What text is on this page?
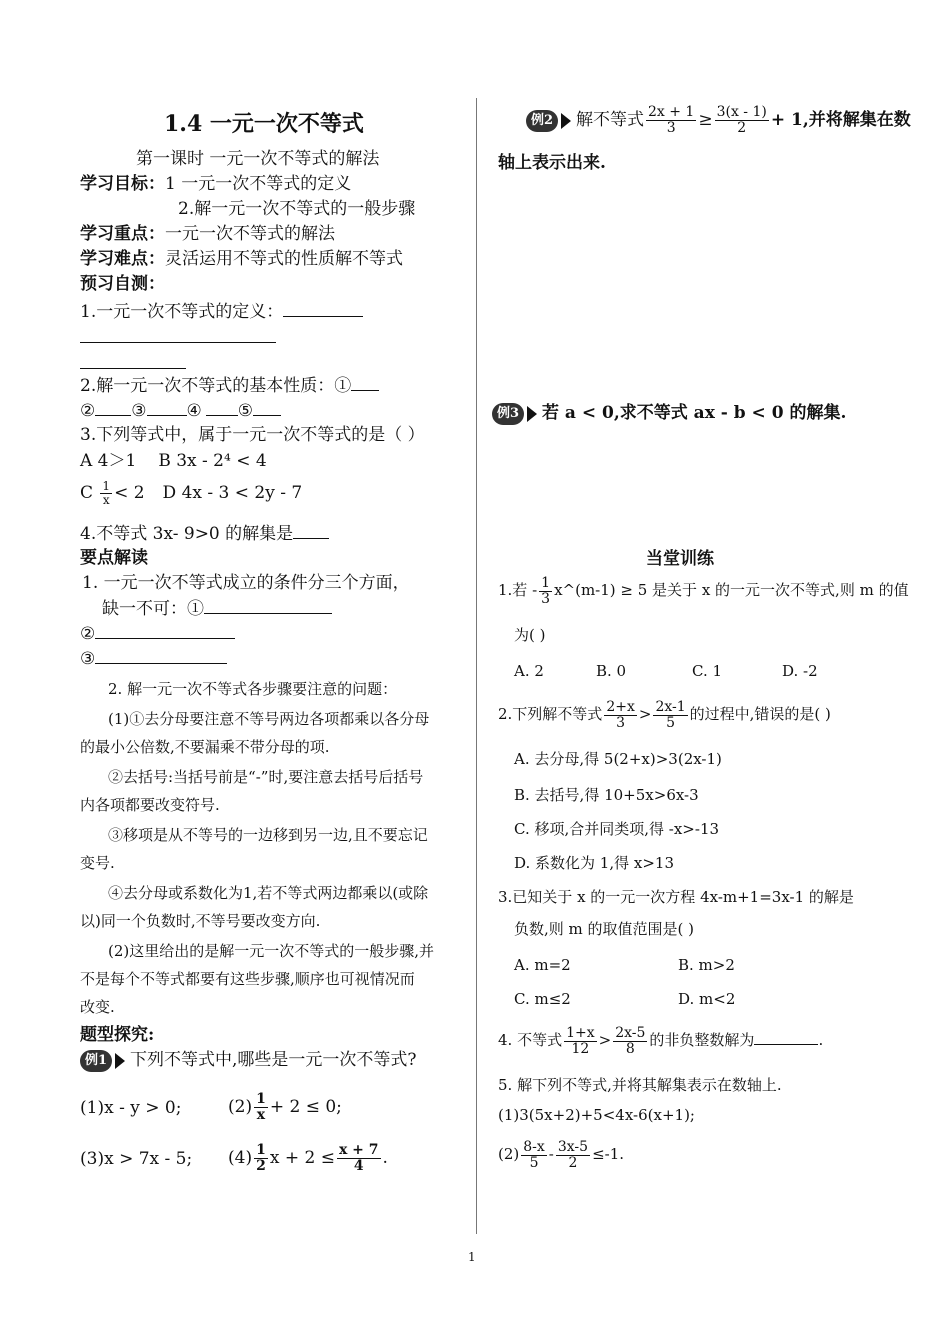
1.4 一元一次不等式
第一课时 一元一次不等式的解法
学习目标：1 一元一次不等式的定义
2.解一元一次不等式的一般步骤
学习重点：一元一次不等式的解法
学习难点：灵活运用不等式的性质解不等式
预习自测：
1.一元一次不等式的定义：
2.解一元一次不等式的基本性质：①
② ③ ④ ⑤
3.下列等式中，属于一元一次不等式的是（ ）
A 4＞1 B 3x - 2⁴ < 4
C $\frac{1}{x} < 2$ D 4x - 3 < 2y - 7
4.不等式 3x- 9>0 的解集是
要点解读
1. 一元一次不等式成立的条件分三个方面，
缺一不可：①
②
③
2. 解一元一次不等式各步骤要注意的问题：
(1)①去分母要注意不等号两边各项都乘以各分母
的最小公倍数,不要漏乘不带分母的项.
②去括号:当括号前是“-”时,要注意去括号后括号
内各项都要改变符号.
③移项是从不等号的一边移到另一边,且不要忘记
变号.
④去分母或系数化为1,若不等式两边都乘以(或除
以)同一个负数时,不等号要改变方向.
(2)这里给出的是解一元一次不等式的一般步骤,并
不是每个不等式都要有这些步骤,顺序也可视情况而
改变.
题型探究:
例1 下列不等式中,哪些是一元一次不等式?
(1)x - y > 0;	$(2) \frac{1}{x} + 2 \le 0$;
(3)x > 7x - 5; $(4) \frac{1}{2}$ $x + 2 \le \frac{x + 7}{4}$ .
例2 解不等式 $\frac{2x + 1}{3} \ge \frac{3(x - 1)}{2} + 1$,并将解集在数
轴上表示出来.
例3 若 a < 0,求不等式 ax - b < 0 的解集.
当堂训练
1.若 - $\frac{1}{3}$ x^(m-1) ≥ 5 是关于 x 的一元一次不等式,则 m 的值
为( )
A. 2	B. 0	C. 1	D. -2
2.下列解不等式 $\frac{2+x}{3} > \frac{2x-1}{5}$ 的过程中,错误的是( )
A. 去分母,得 5(2+x)>3(2x-1)
B. 去括号,得 10+5x>6x-3
C. 移项,合并同类项,得 -x>-13
D. 系数化为 1,得 x>13
3.已知关于 x 的一元一次方程 4x-m+1=3x-1 的解是
负数,则 m 的取值范围是( )
A. m=2	B. m>2
C. m≤2	D. m<2
4. 不等式 $\frac{1+x}{12} > \frac{2x-5}{8}$ 的非负整数解为	.
5. 解下列不等式,并将其解集表示在数轴上.
(1)3(5x+2)+5<4x-6(x+1);
$(2) \frac{8-x}{5} - \frac{3x-5}{2} \le-1$.
1
